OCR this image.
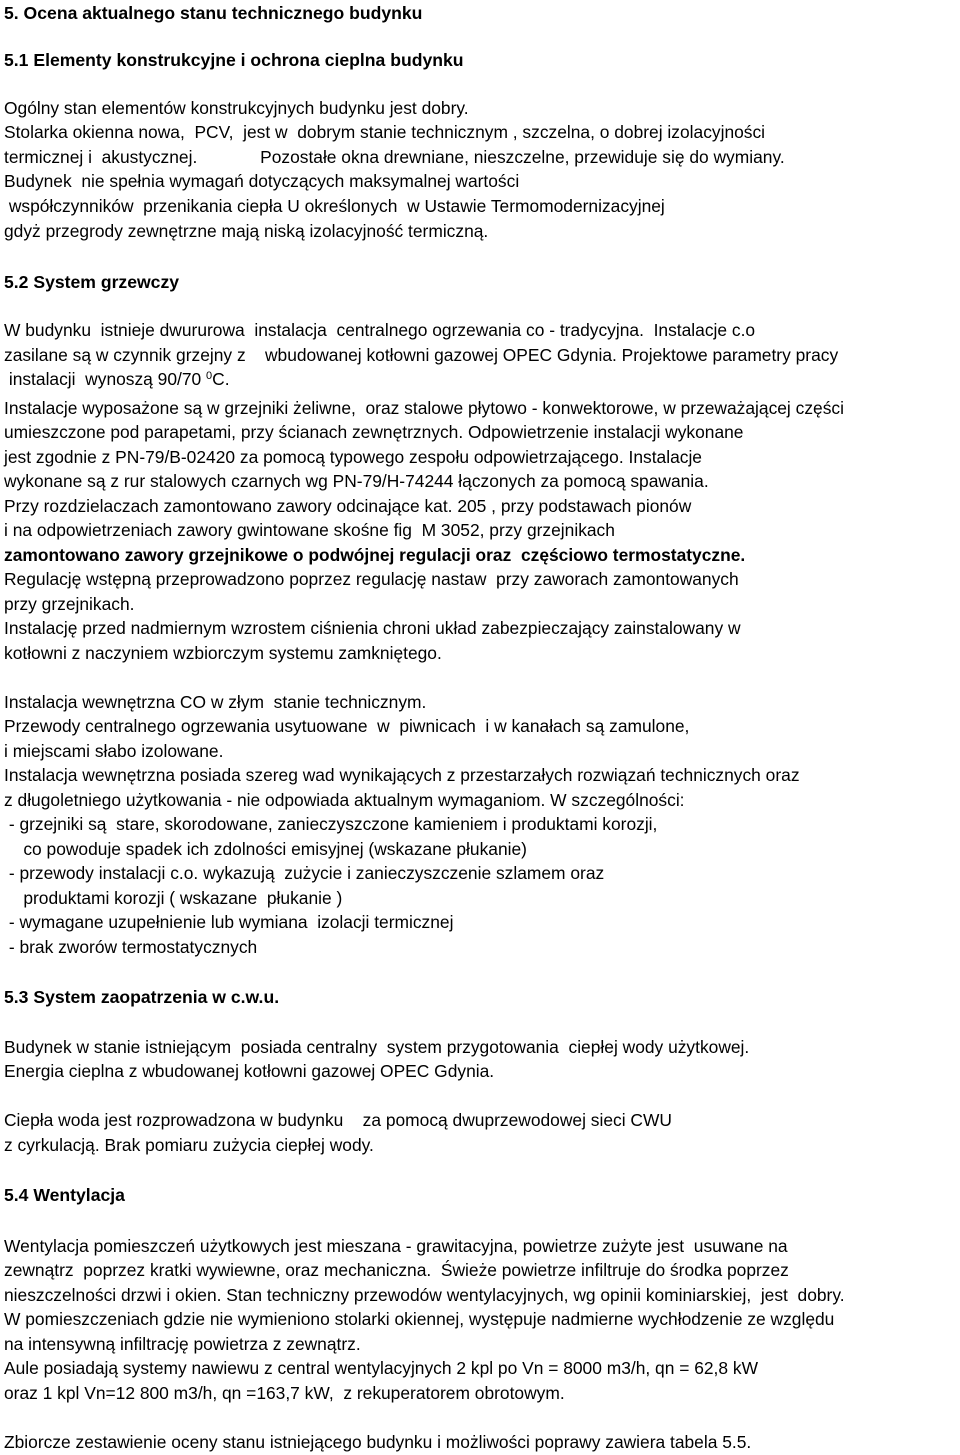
5. Ocena aktualnego stanu technicznego budynku

5.1 Elementy konstrukcyjne i ochrona cieplna budynku

Ogólny stan elementów konstrukcyjnych budynku jest dobry.

Stolarka okienna nowa,  PCV,  jest w  dobrym stanie technicznym , szczelna, o dobrej izolacyjności

termicznej i  akustycznej.             Pozostałe okna drewniane, nieszczelne, przewiduje się do wymiany.

Budynek  nie spełnia wymagań dotyczących maksymalnej wartości

współczynników  przenikania ciepła U określonych  w Ustawie Termomodernizacyjnej

gdyż przegrody zewnętrzne mają niską izolacyjność termiczną.

5.2 System grzewczy

W budynku  istnieje dwururowa  instalacja  centralnego ogrzewania co - tradycyjna.  Instalacje c.o

zasilane są w czynnik grzejny z    wbudowanej kotłowni gazowej OPEC Gdynia. Projektowe parametry pracy

instalacji  wynoszą 90/70 $^0$C.

Instalacje wyposażone są w grzejniki żeliwne,  oraz stalowe płytowo - konwektorowe, w przeważającej części

umieszczone pod parapetami, przy ścianach zewnętrznych. Odpowietrzenie instalacji wykonane

jest zgodnie z PN-79/B-02420 za pomocą typowego zespołu odpowietrzającego. Instalacje

wykonane są z rur stalowych czarnych wg PN-79/H-74244 łączonych za pomocą spawania.

Przy rozdzielaczach zamontowano zawory odcinające kat. 205 , przy podstawach pionów

i na odpowietrzeniach zawory gwintowane skośne fig  M 3052, przy grzejnikach

zamontowano zawory grzejnikowe o podwójnej regulacji oraz  częściowo termostatyczne.

Regulację wstępną przeprowadzono poprzez regulację nastaw  przy zaworach zamontowanych

przy grzejnikach.

Instalację przed nadmiernym wzrostem ciśnienia chroni układ zabezpieczający zainstalowany w

kotłowni z naczyniem wzbiorczym systemu zamkniętego.

Instalacja wewnętrzna CO w złym  stanie technicznym.

Przewody centralnego ogrzewania usytuowane  w  piwnicach  i w kanałach są zamulone,

i miejscami słabo izolowane.

Instalacja wewnętrzna posiada szereg wad wynikających z przestarzałych rozwiązań technicznych oraz

z długoletniego użytkowania - nie odpowiada aktualnym wymaganiom. W szczególności:

- grzejniki są  stare, skorodowane, zanieczyszczone kamieniem i produktami korozji,

co powoduje spadek ich zdolności emisyjnej (wskazane płukanie)

- przewody instalacji c.o. wykazują  zużycie i zanieczyszczenie szlamem oraz

produktami korozji ( wskazane  płukanie )

- wymagane uzupełnienie lub wymiana  izolacji termicznej

- brak zworów termostatycznych

5.3 System zaopatrzenia w c.w.u.

Budynek w stanie istniejącym  posiada centralny  system przygotowania  ciepłej wody użytkowej.

Energia cieplna z wbudowanej kotłowni gazowej OPEC Gdynia.

Ciepła woda jest rozprowadzona w budynku    za pomocą dwuprzewodowej sieci CWU

z cyrkulacją. Brak pomiaru zużycia ciepłej wody.

5.4 Wentylacja

Wentylacja pomieszczeń użytkowych jest mieszana - grawitacyjna, powietrze zużyte jest  usuwane na

zewnątrz  poprzez kratki wywiewne, oraz mechaniczna.  Świeże powietrze infiltruje do środka poprzez

nieszczelności drzwi i okien. Stan techniczny przewodów wentylacyjnych, wg opinii kominiarskiej,  jest  dobry.

W pomieszczeniach gdzie nie wymieniono stolarki okiennej, występuje nadmierne wychłodzenie ze względu

na intensywną infiltrację powietrza z zewnątrz.

Aule posiadają systemy nawiewu z central wentylacyjnych 2 kpl po Vn = 8000 m3/h, qn = 62,8 kW

oraz 1 kpl Vn=12 800 m3/h, qn =163,7 kW,  z rekuperatorem obrotowym.

Zbiorcze zestawienie oceny stanu istniejącego budynku i możliwości poprawy zawiera tabela 5.5.
